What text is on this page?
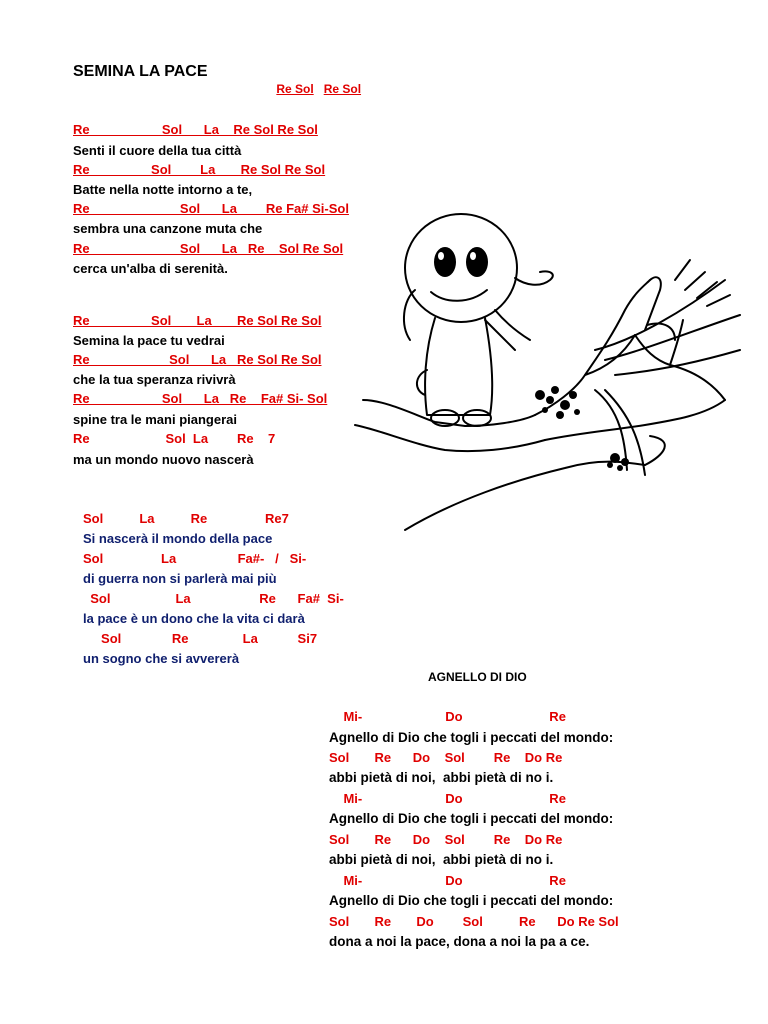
SEMINA LA PACE

Re Sol Re Sol

Re                    Sol      La    Re Sol Re Sol

Senti il cuore della tua città

Re                 Sol        La       Re Sol Re Sol

Batte nella notte intorno a te,

Re                         Sol      La        Re Fa# Si-Sol

sembra una canzone muta che

Re                         Sol      La   Re    Sol Re Sol

cerca un'alba di serenità.

Re                 Sol       La       Re Sol Re Sol

Semina la pace tu vedrai

Re                      Sol      La   Re Sol Re Sol

che la tua speranza rivivrà

Re                    Sol      La   Re    Fa# Si- Sol

spine tra le mani piangerai

Re                     Sol  La        Re    7

ma un mondo nuovo nascerà

Sol          La          Re                Re7

Si nascerà il mondo della pace

Sol                La                 Fa#-   /   Si-

di guerra non si parlerà mai più

Sol                  La                   Re      Fa#  Si-

la pace è un dono che la vita ci darà

Sol              Re               La           Si7

un sogno che si avvererà

AGNELLO DI DIO

Mi-                       Do                        Re

Agnello di Dio che togli i peccati del mondo:

Sol       Re      Do    Sol        Re    Do Re

abbi pietà di noi,  abbi pietà di no i.

Mi-                       Do                        Re

Agnello di Dio che togli i peccati del mondo:

Sol       Re      Do    Sol        Re    Do Re

abbi pietà di noi,  abbi pietà di no i.

Mi-                       Do                        Re

Agnello di Dio che togli i peccati del mondo:

Sol       Re       Do        Sol          Re      Do Re Sol

dona a noi la pace, dona a noi la pa a ce.
